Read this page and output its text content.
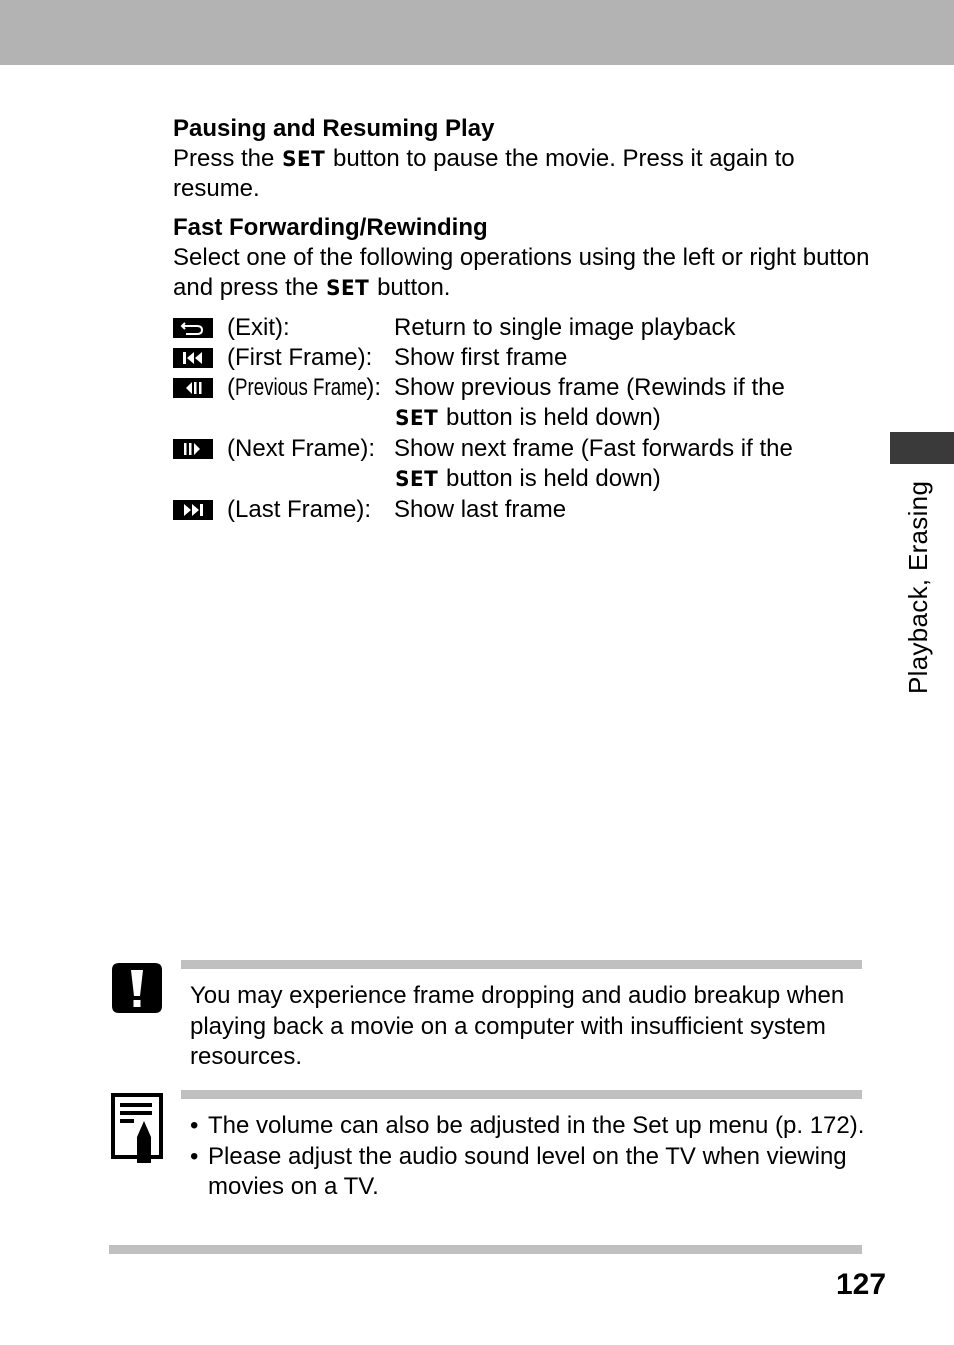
Pausing and Resuming Play

Press the SET button to pause the movie. Press it again to resume.

Fast Forwarding/Rewinding

Select one of the following operations using the left or right button and press the SET button.

(Exit):	Return to single image playback
(First Frame): Show first frame
(Previous Frame): Show previous frame (Rewinds if the
SET button is held down)
(Next Frame): Show next frame (Fast forwards if the
SET button is held down)
(Last Frame): Show last frame	Playback, Erasing
You may experience frame dropping and audio breakup when playing back a movie on a computer with insufficient system resources.
• The volume can also be adjusted in the Set up menu (p. 172).
• Please adjust the audio sound level on the TV when viewing movies on a TV.
127
